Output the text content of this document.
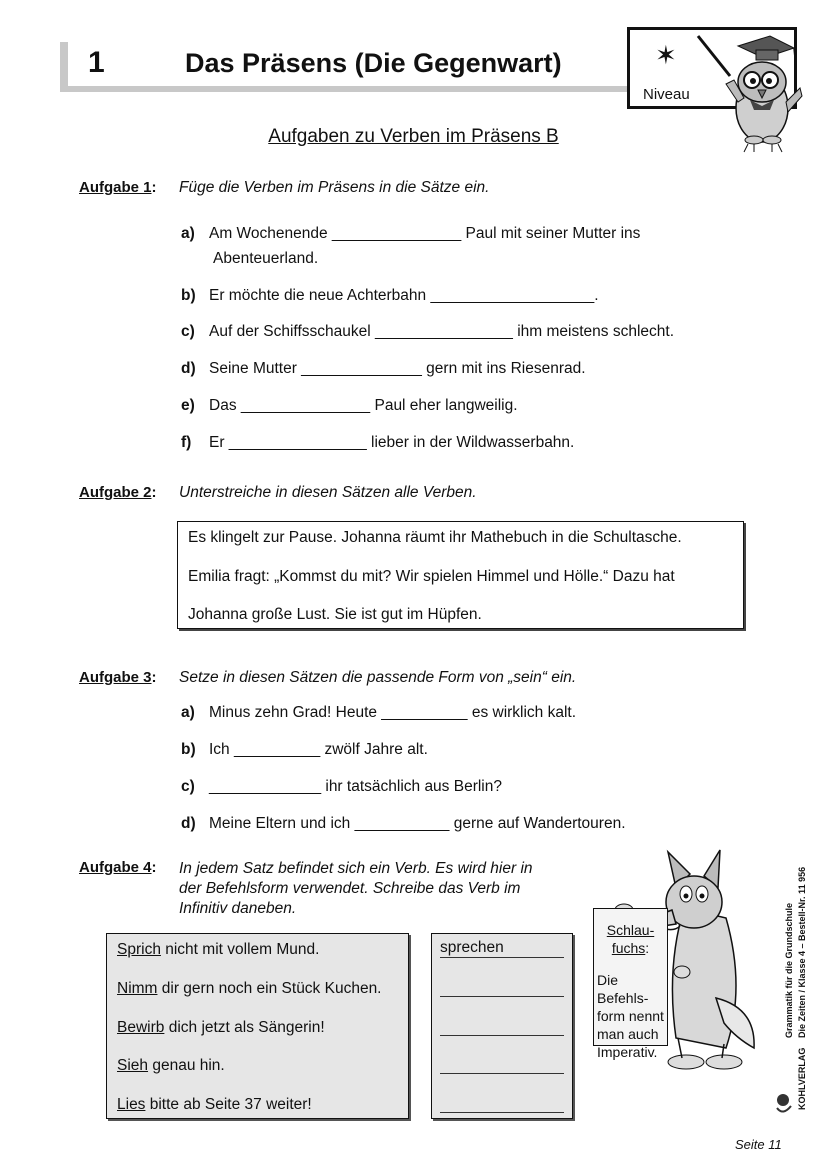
1	Das Präsens (Die Gegenwart)	✶
Niveau
Aufgaben zu Verben im Präsens B
Aufgabe 1: Füge die Verben im Präsens in die Sätze ein.
a) Am Wochenende _______________ Paul mit seiner Mutter ins
Abenteuerland.
b) Er möchte die neue Achterbahn ___________________.
c) Auf der Schiffsschaukel ________________ ihm meistens schlecht.
d) Seine Mutter ______________ gern mit ins Riesenrad.
e) Das _______________ Paul eher langweilig.
f) Er ________________ lieber in der Wildwasserbahn.
Aufgabe 2: Unterstreiche in diesen Sätzen alle Verben.

Es klingelt zur Pause. Johanna räumt ihr Mathebuch in die Schultasche.

Emilia fragt: „Kommst du mit? Wir spielen Himmel und Hölle.“ Dazu hat

Johanna große Lust. Sie ist gut im Hüpfen.

Aufgabe 3: Setze in diesen Sätzen die passende Form von „sein“ ein.
a) Minus zehn Grad! Heute __________ es wirklich kalt.
b) Ich __________ zwölf Jahre alt.
c) _____________ ihr tatsächlich aus Berlin?
d) Meine Eltern und ich ___________ gerne auf Wandertouren.
Aufgabe 4: In jedem Satz befindet sich ein Verb. Es wird hier in
der Befehlsform verwendet. Schreibe das Verb im
Infinitiv daneben.
Sprich nicht mit vollem Mund.
Nimm dir gern noch ein Stück Kuchen.
Bewirb dich jetzt als Sängerin!
Sieh genau hin.
Lies bitte ab Seite 37 weiter!
sprechen
Schlau-
fuchs:
Die Befehls-
form nennt
man auch
Imperativ.
Grammatik für die Grundschule Die Zeiten / Klasse 4 – Bestell-Nr. 11 956
KOHLVERLAG
Seite 11
